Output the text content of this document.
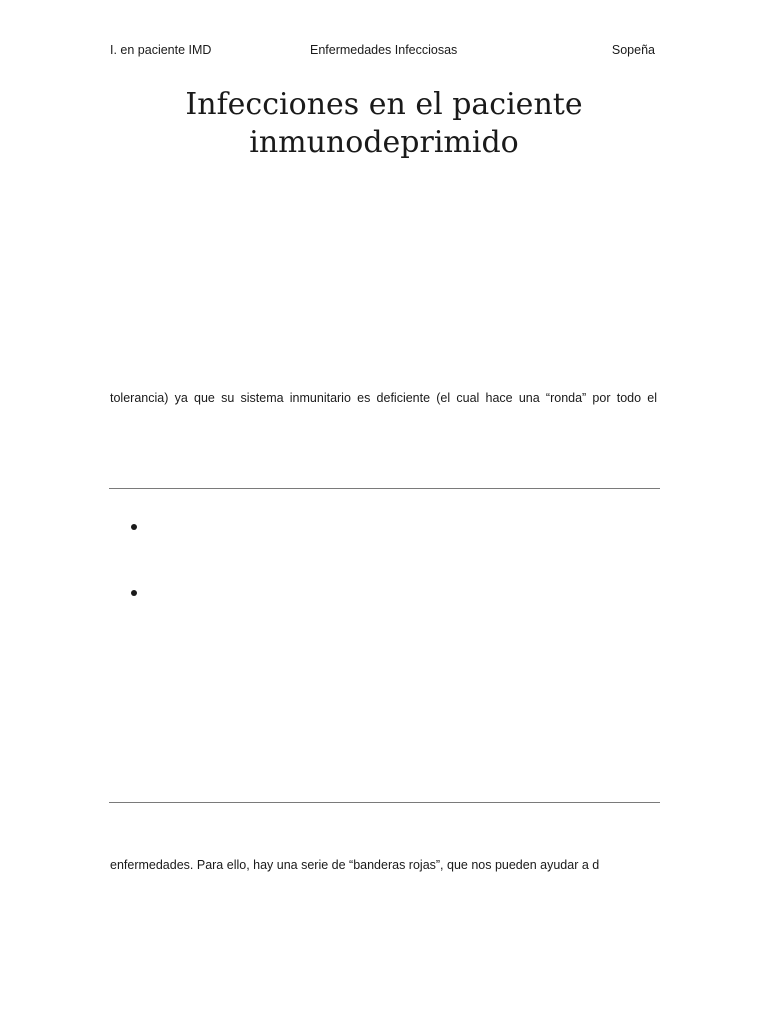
I. en paciente IMD	Enfermedades Infecciosas	Sopeña
Infecciones en el paciente
inmunodeprimido

tolerancia) ya que su sistema inmunitario es deficiente (el cual hace una “ronda” por todo el

enfermedades. Para ello, hay una serie de “banderas rojas”, que nos pueden ayudar a d
